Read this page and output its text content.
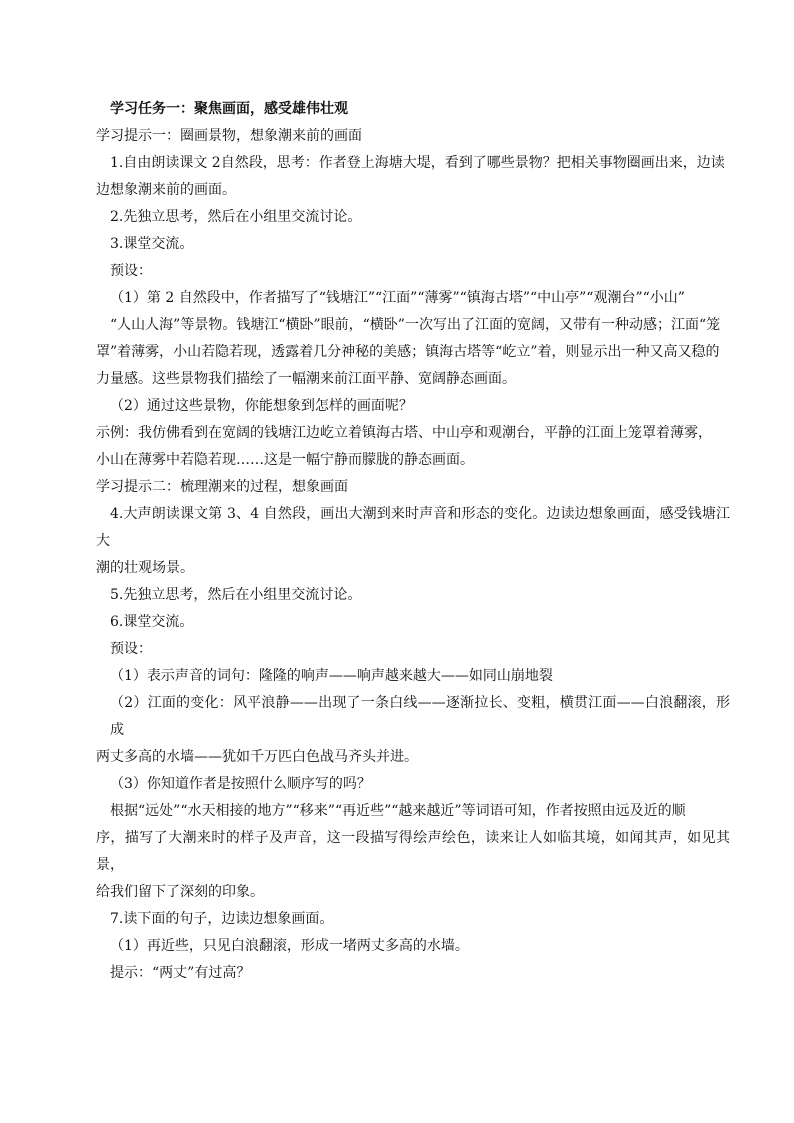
学习任务一：聚焦画面，感受雄伟壮观

学习提示一：圈画景物，想象潮来前的画面

1.自由朗读课文 2自然段，思考：作者登上海塘大堤，看到了哪些景物？把相关事物圈画出来，边读

边想象潮来前的画面。

2.先独立思考，然后在小组里交流讨论。

3.课堂交流。

预设：

（1）第 2 自然段中，作者描写了“钱塘江”“江面”“薄雾”“镇海古塔”“中山亭”“观潮台”“小山”

“人山人海”等景物。钱塘江“横卧”眼前，“横卧”一次写出了江面的宽阔，又带有一种动感；江面“笼

罩”着薄雾，小山若隐若现，透露着几分神秘的美感；镇海古塔等“屹立”着，则显示出一种又高又稳的

力量感。这些景物我们描绘了一幅潮来前江面平静、宽阔静态画面。

（2）通过这些景物，你能想象到怎样的画面呢？

示例：我仿佛看到在宽阔的钱塘江边屹立着镇海古塔、中山亭和观潮台，平静的江面上笼罩着薄雾，

小山在薄雾中若隐若现……这是一幅宁静而朦胧的静态画面。

学习提示二：梳理潮来的过程，想象画面

4.大声朗读课文第 3、4 自然段，画出大潮到来时声音和形态的变化。边读边想象画面，感受钱塘江大

潮的壮观场景。

5.先独立思考，然后在小组里交流讨论。

6.课堂交流。

预设：

（1）表示声音的词句：隆隆的响声——响声越来越大——如同山崩地裂

（2）江面的变化：风平浪静——出现了一条白线——逐渐拉长、变粗，横贯江面——白浪翻滚，形成

两丈多高的水墙——犹如千万匹白色战马齐头并进。

（3）你知道作者是按照什么顺序写的吗？

根据“远处”“水天相接的地方”“移来”“再近些”“越来越近”等词语可知，作者按照由远及近的顺

序，描写了大潮来时的样子及声音，这一段描写得绘声绘色，读来让人如临其境，如闻其声，如见其景，

给我们留下了深刻的印象。

7.读下面的句子，边读边想象画面。

（1）再近些，只见白浪翻滚，形成一堵两丈多高的水墙。

提示：“两丈”有过高？
